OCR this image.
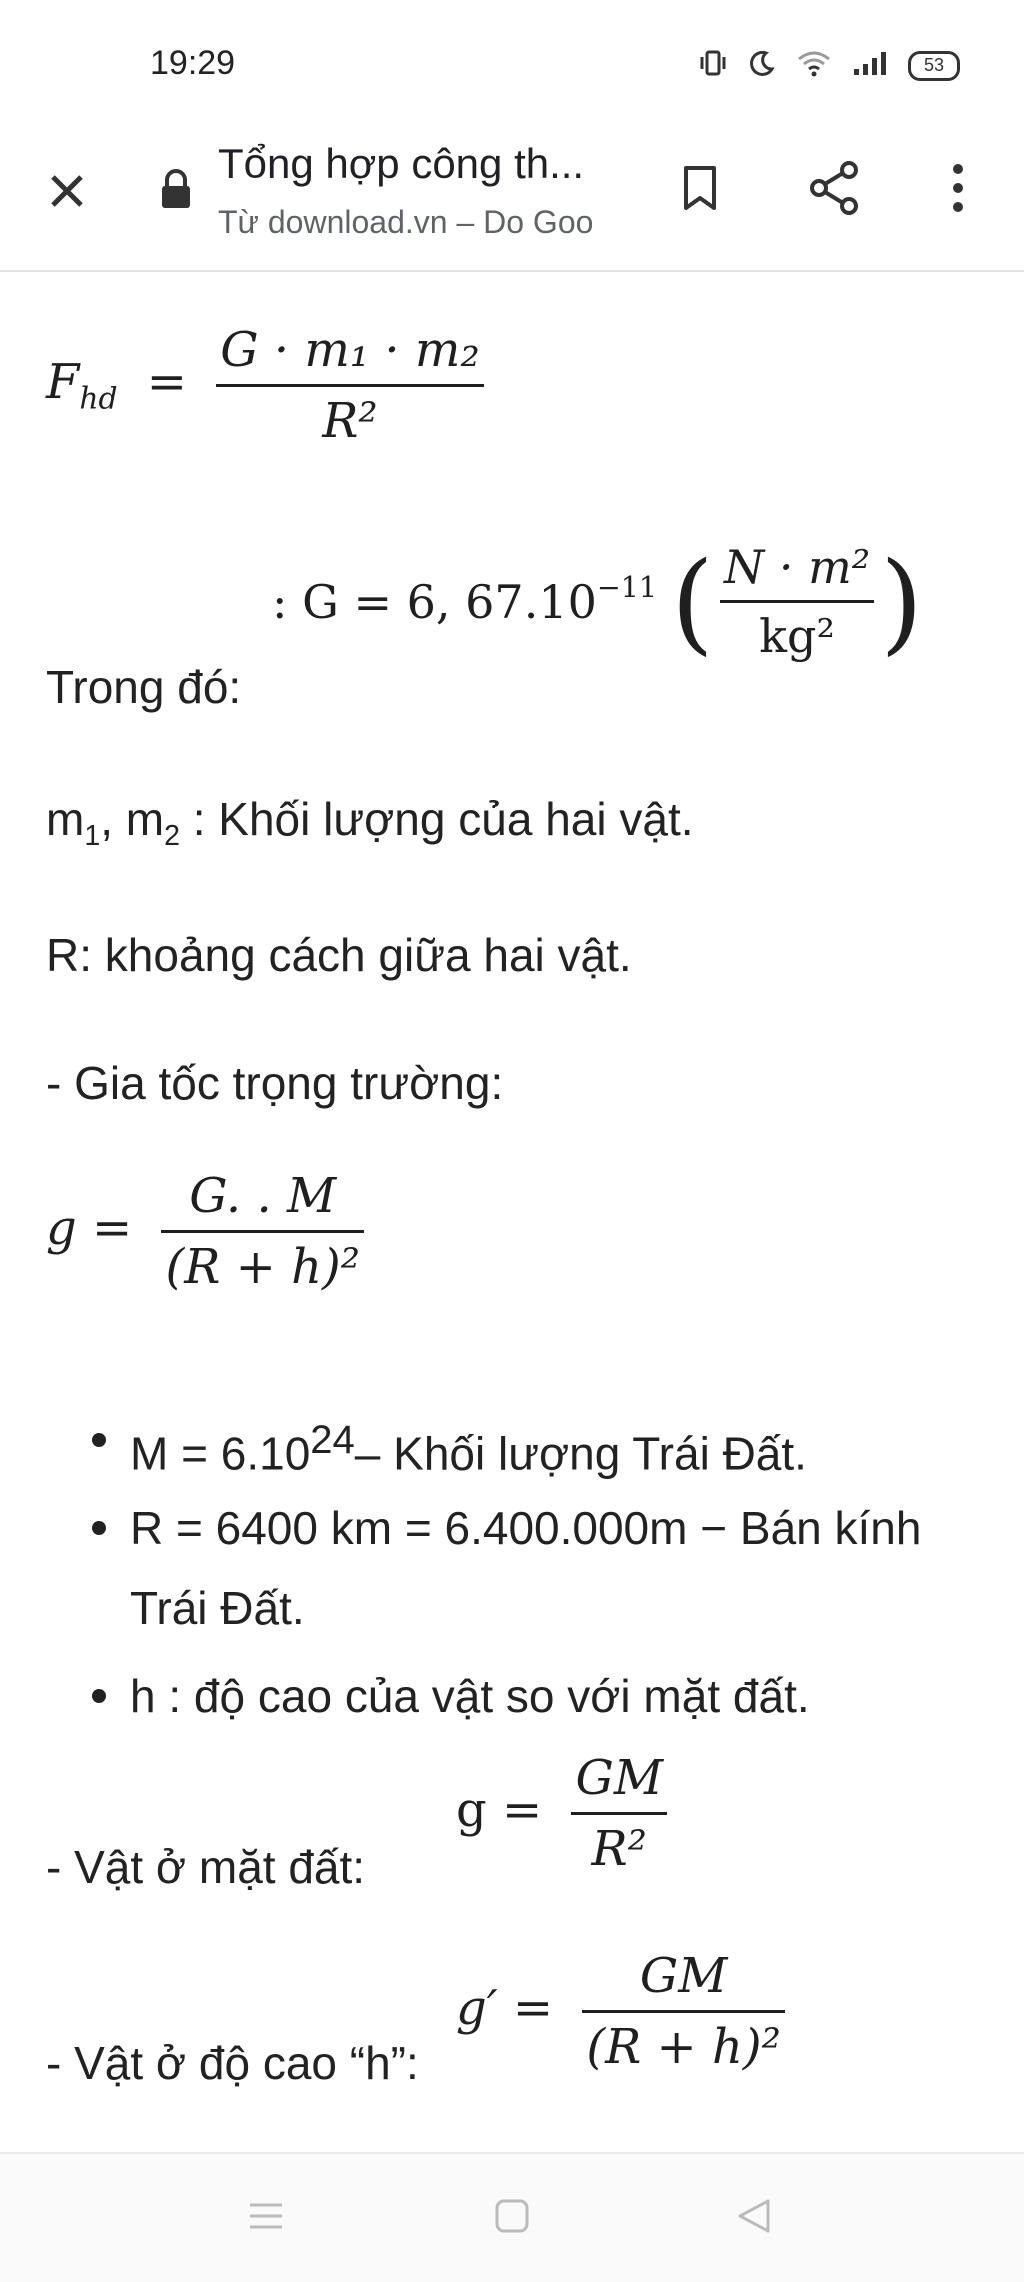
19:29	53
Tổng hợp công th...
Từ download.vn – Do Goo
$F_{hd} = \frac{\text{G · m₁ · m₂}}{\text{R²}}$
: G = 6, $67.10^{-11}$ ( $\frac{\text{N · m²}}{\text{kg²}}$ )
Trong đó:
$m_1$, $m_2$ : Khối lượng của hai vật.
R: khoảng cách giữa hai vật.
- Gia tốc trọng trường:
$g = \frac{G. . M}{\text{(R + h)²}}$
$M = 6.10^{24}-$ Khối lượng Trái Đất.
R = 6400 km = 6.400.000m − Bán kính Trái Đất.
h : độ cao của vật so với mặt đất.
$g = \frac{GM}{\text{R²}}$
- Vật ở mặt đất:
$g' = \frac{GM}{\text{(R + h)²}}$
- Vật ở độ cao “h”:
